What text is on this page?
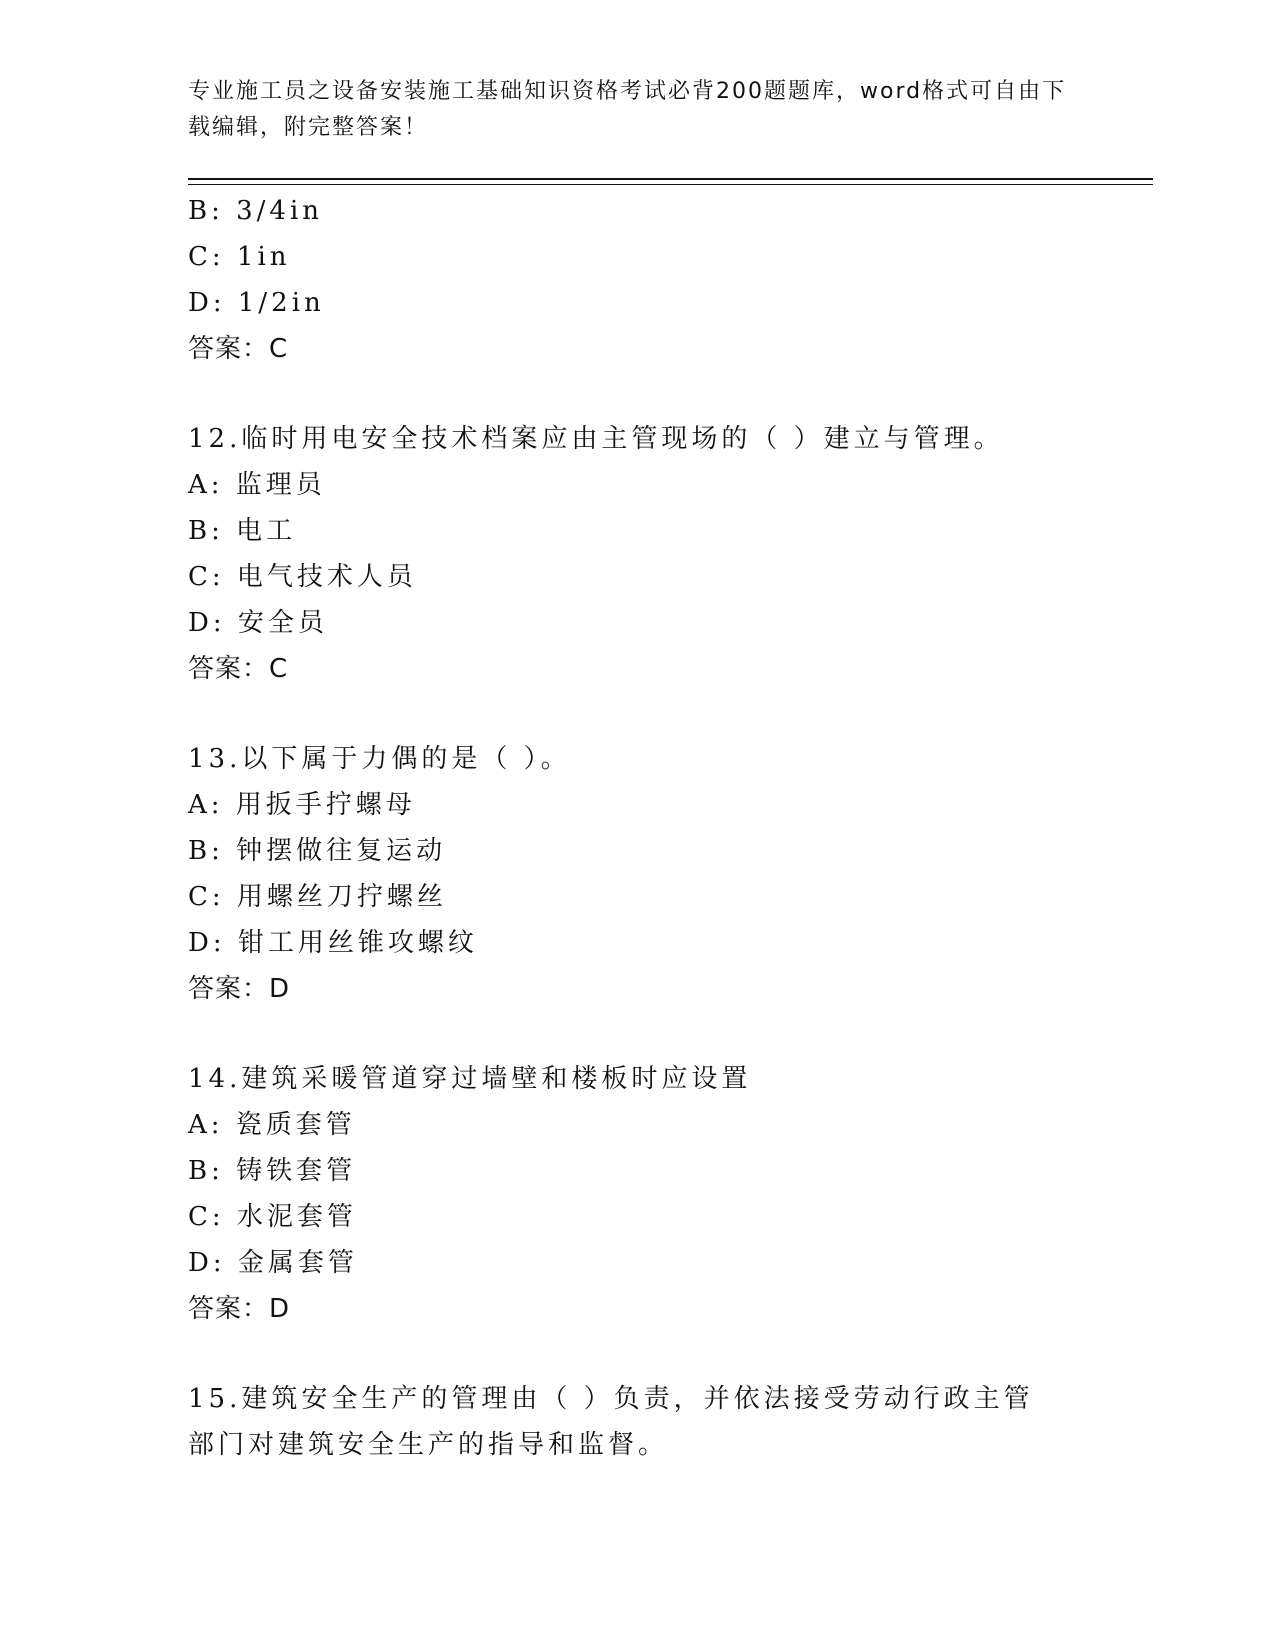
专业施工员之设备安装施工基础知识资格考试必背200题题库，word格式可自由下载编辑，附完整答案！
B: 3/4in
C: 1in
D: 1/2in
答案：C
12.临时用电安全技术档案应由主管现场的（ ）建立与管理。
A: 监理员
B: 电工
C: 电气技术人员
D: 安全员
答案：C
13.以下属于力偶的是（ ）。
A: 用扳手拧螺母
B: 钟摆做往复运动
C: 用螺丝刀拧螺丝
D: 钳工用丝锥攻螺纹
答案：D
14.建筑采暖管道穿过墙壁和楼板时应设置
A: 瓷质套管
B: 铸铁套管
C: 水泥套管
D: 金属套管
答案：D
15.建筑安全生产的管理由（ ）负责，并依法接受劳动行政主管部门对建筑安全生产的指导和监督。
